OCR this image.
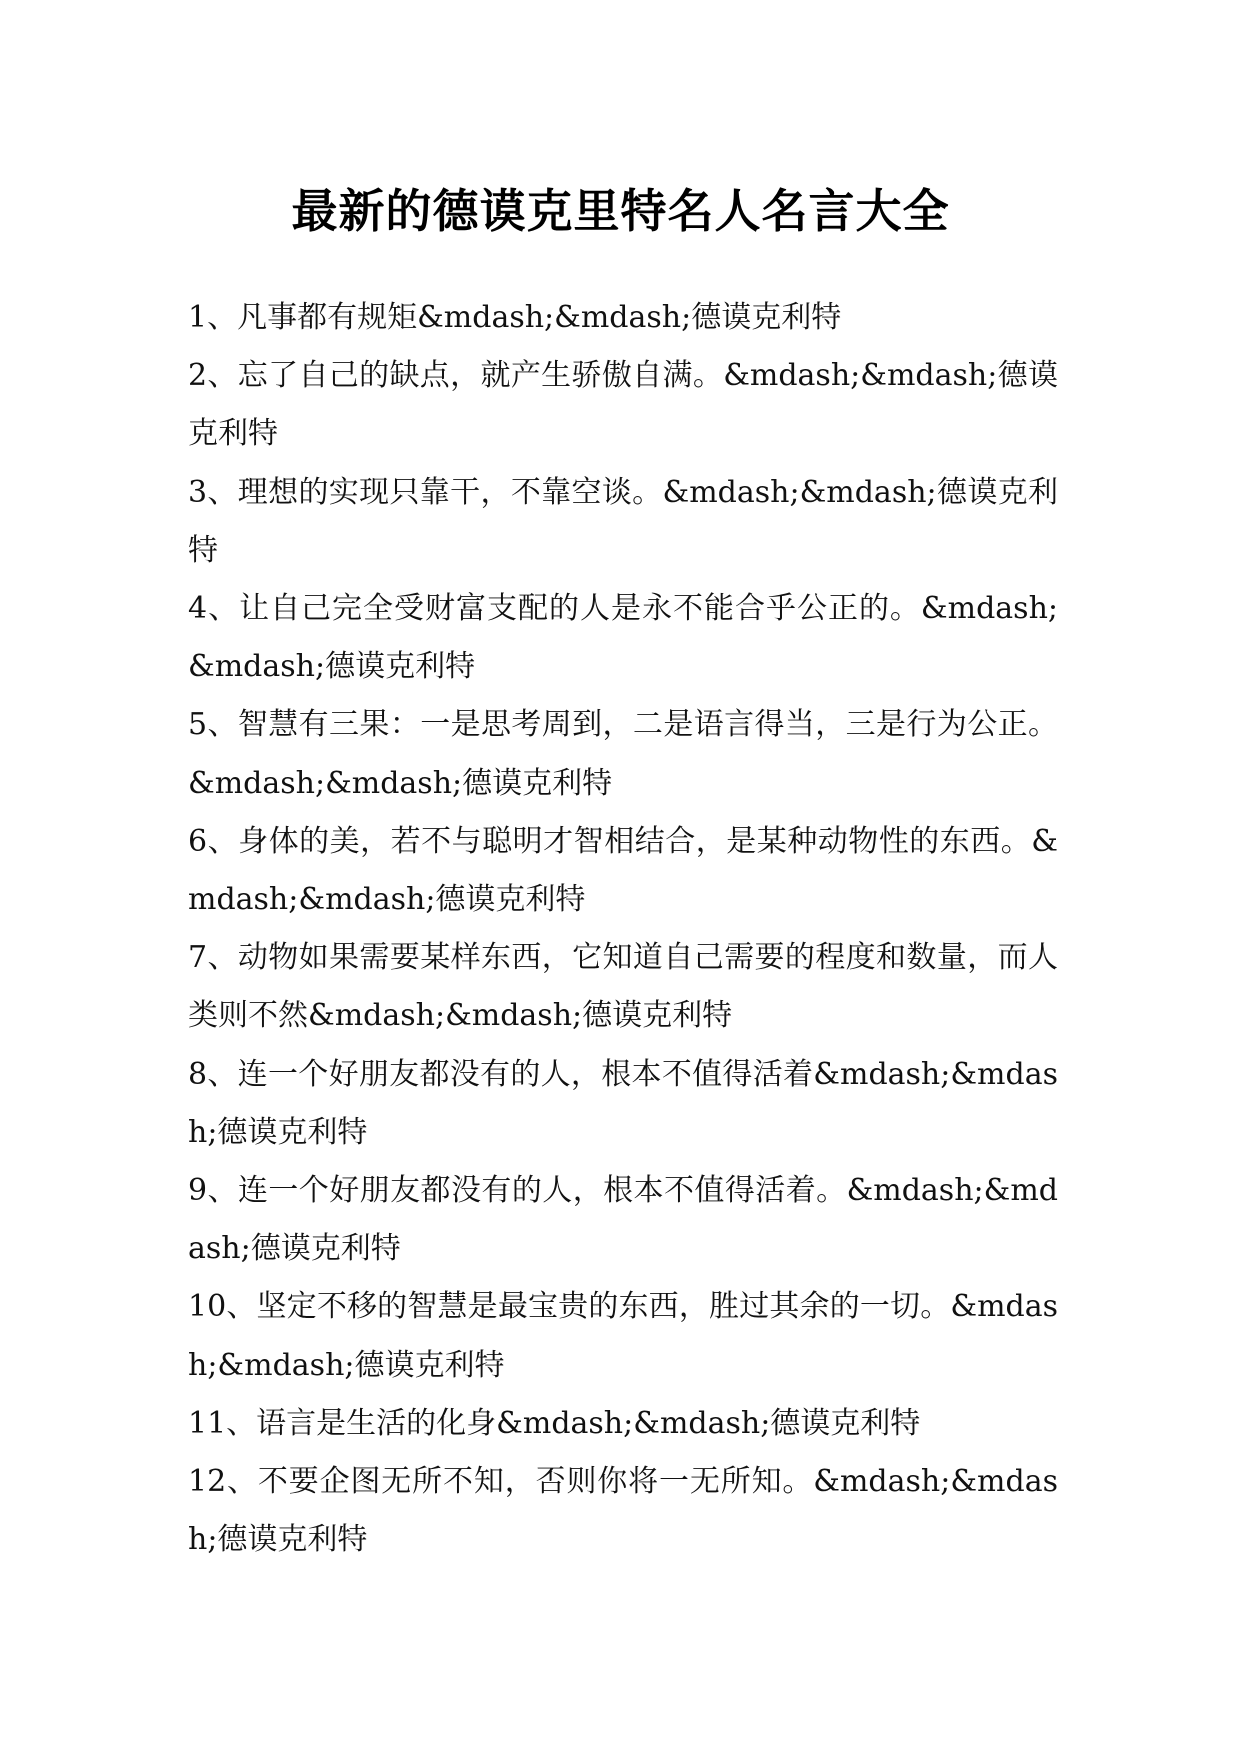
最新的德谟克里特名人名言大全

1、凡事都有规矩&mdash;&mdash;德谟克利特

2、忘了自己的缺点，就产生骄傲自满。&mdash;&mdash;德谟克利特

3、理想的实现只靠干，不靠空谈。&mdash;&mdash;德谟克利特

4、让自己完全受财富支配的人是永不能合乎公正的。&mdash;&mdash;德谟克利特

5、智慧有三果：一是思考周到，二是语言得当，三是行为公正。&mdash;&mdash;德谟克利特

6、身体的美，若不与聪明才智相结合，是某种动物性的东西。&mdash;&mdash;德谟克利特

7、动物如果需要某样东西，它知道自己需要的程度和数量，而人类则不然&mdash;&mdash;德谟克利特

8、连一个好朋友都没有的人，根本不值得活着&mdash;&mdash;德谟克利特

9、连一个好朋友都没有的人，根本不值得活着。&mdash;&mdash;德谟克利特

10、坚定不移的智慧是最宝贵的东西，胜过其余的一切。&mdash;&mdash;德谟克利特

11、语言是生活的化身&mdash;&mdash;德谟克利特

12、不要企图无所不知，否则你将一无所知。&mdash;&mdash;德谟克利特
